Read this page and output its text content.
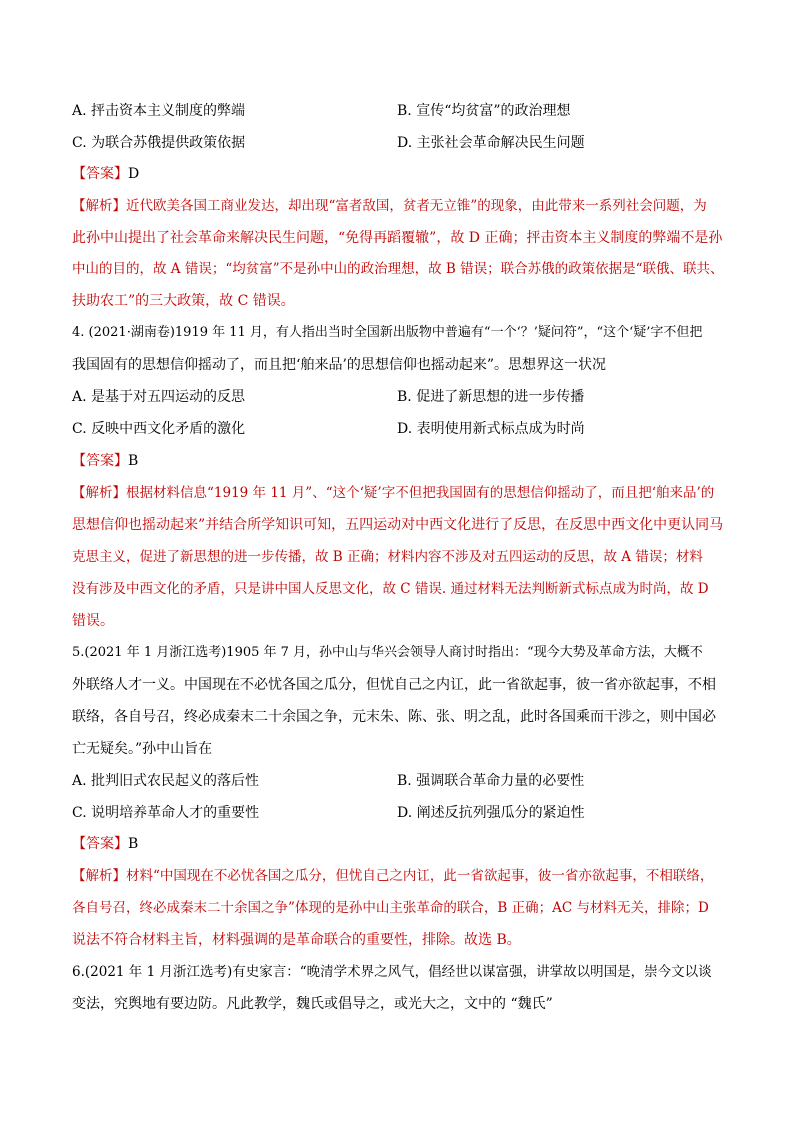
A. 抨击资本主义制度的弊端	B. 宣传“均贫富”的政治理想
C. 为联合苏俄提供政策依据	D. 主张社会革命解决民生问题
【答案】D
【解析】近代欧美各国工商业发达，却出现“富者敌国，贫者无立锥”的现象，由此带来一系列社会问题，为
此孙中山提出了社会革命来解决民生问题，“免得再蹈覆辙”，故 D 正确；抨击资本主义制度的弊端不是孙
中山的目的，故 A 错误；“均贫富”不是孙中山的政治理想，故 B 错误；联合苏俄的政策依据是“联俄、联共、
扶助农工”的三大政策，故 C 错误。
4. (2021·湖南卷)1919 年 11 月，有人指出当时全国新出版物中普遍有“一个‘？’疑问符”，“这个‘疑’字不但把
我国固有的思想信仰摇动了，而且把‘舶来品’的思想信仰也摇动起来”。思想界这一状况
A. 是基于对五四运动的反思	B. 促进了新思想的进一步传播
C. 反映中西文化矛盾的激化	D. 表明使用新式标点成为时尚
【答案】B
【解析】根据材料信息“1919 年 11 月”、“这个‘疑’字不但把我国固有的思想信仰摇动了，而且把‘舶来品’的
思想信仰也摇动起来”并结合所学知识可知，五四运动对中西文化进行了反思，在反思中西文化中更认同马
克思主义，促进了新思想的进一步传播，故 B 正确；材料内容不涉及对五四运动的反思，故 A 错误；材料
没有涉及中西文化的矛盾，只是讲中国人反思文化，故 C 错误. 通过材料无法判断新式标点成为时尚，故 D
错误。
5.(2021 年 1 月浙江选考)1905 年 7 月，孙中山与华兴会领导人商讨时指出：“现今大势及革命方法，大概不
外联络人才一义。中国现在不必忧各国之瓜分，但忧自己之内讧，此一省欲起事，彼一省亦欲起事，不相
联络，各自号召，终必成秦末二十余国之争，元末朱、陈、张、明之乱，此时各国乘而干涉之，则中国必
亡无疑矣。”孙中山旨在
A. 批判旧式农民起义的落后性	B. 强调联合革命力量的必要性
C. 说明培养革命人才的重要性	D. 阐述反抗列强瓜分的紧迫性
【答案】B
【解析】材料“中国现在不必忧各国之瓜分，但忧自己之内讧，此一省欲起事，彼一省亦欲起事，不相联络，
各自号召，终必成秦末二十余国之争”体现的是孙中山主张革命的联合，B 正确；AC 与材料无关，排除；D
说法不符合材料主旨，材料强调的是革命联合的重要性，排除。故选 B。
6.(2021 年 1 月浙江选考)有史家言：“晚清学术界之风气，倡经世以谋富强，讲掌故以明国是，崇今文以谈
变法，究舆地有要边防。凡此教学，魏氏或倡导之，或光大之，文中的 “魏氏”
